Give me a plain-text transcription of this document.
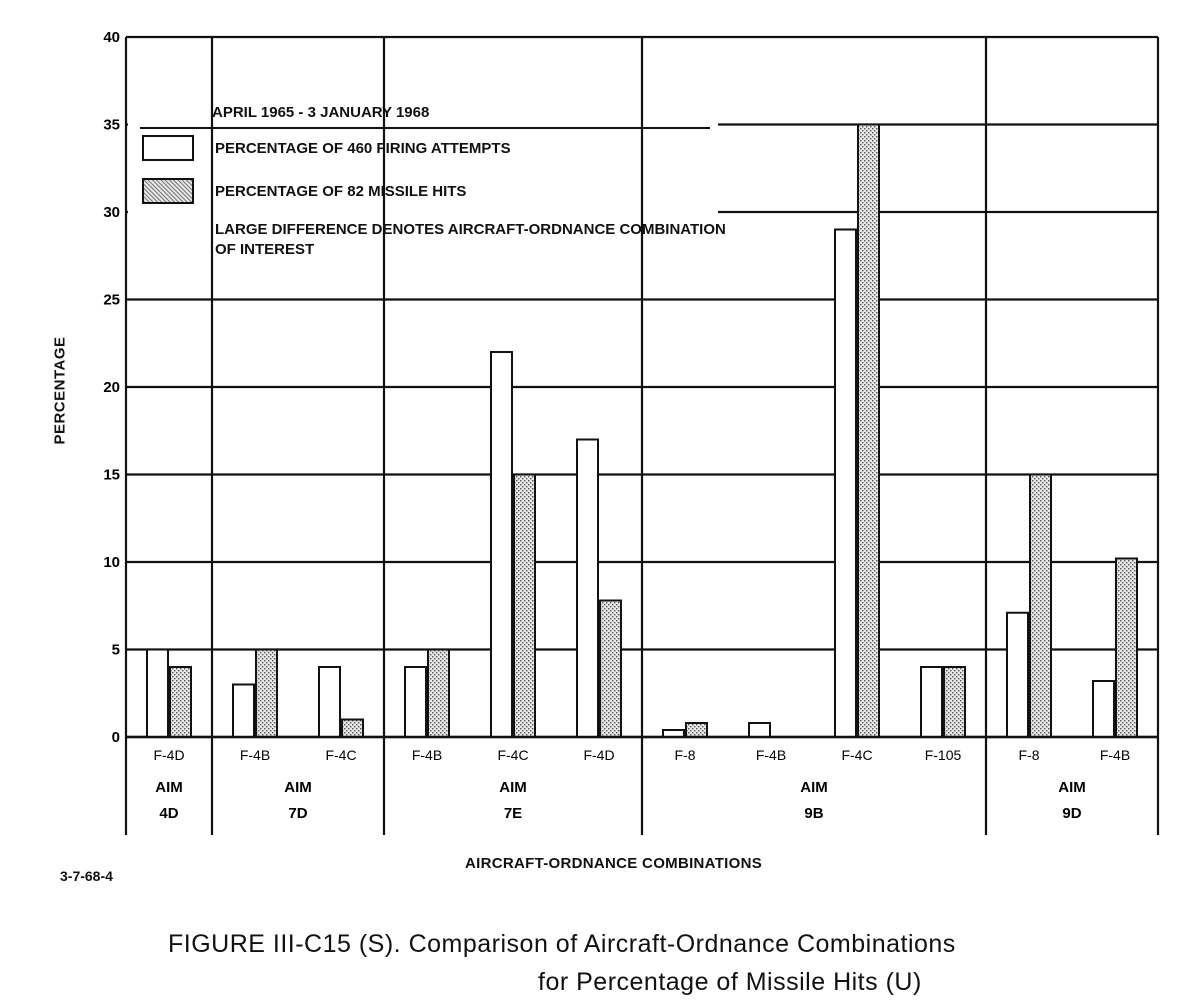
0
5
10
15
20
25
30
35
40
F-4D	F-4B	F-4C	F-4B	F-4C	F-4D	F-8	F-4B	F-4C	F-105	F-8	F-4B
AIM
4D
AIM
7D
AIM
7E
AIM
9B
AIM
9D
PERCENTAGE
AIRCRAFT-ORDNANCE COMBINATIONS
3-7-68-4
APRIL 1965 - 3 JANUARY 1968
PERCENTAGE OF 460 FIRING ATTEMPTS
PERCENTAGE OF 82 MISSILE HITS
LARGE DIFFERENCE DENOTES AIRCRAFT-ORDNANCE COMBINATION OF INTEREST
FIGURE III-C15 (S). Comparison of Aircraft-Ordnance Combinations
for Percentage of Missile Hits (U)
